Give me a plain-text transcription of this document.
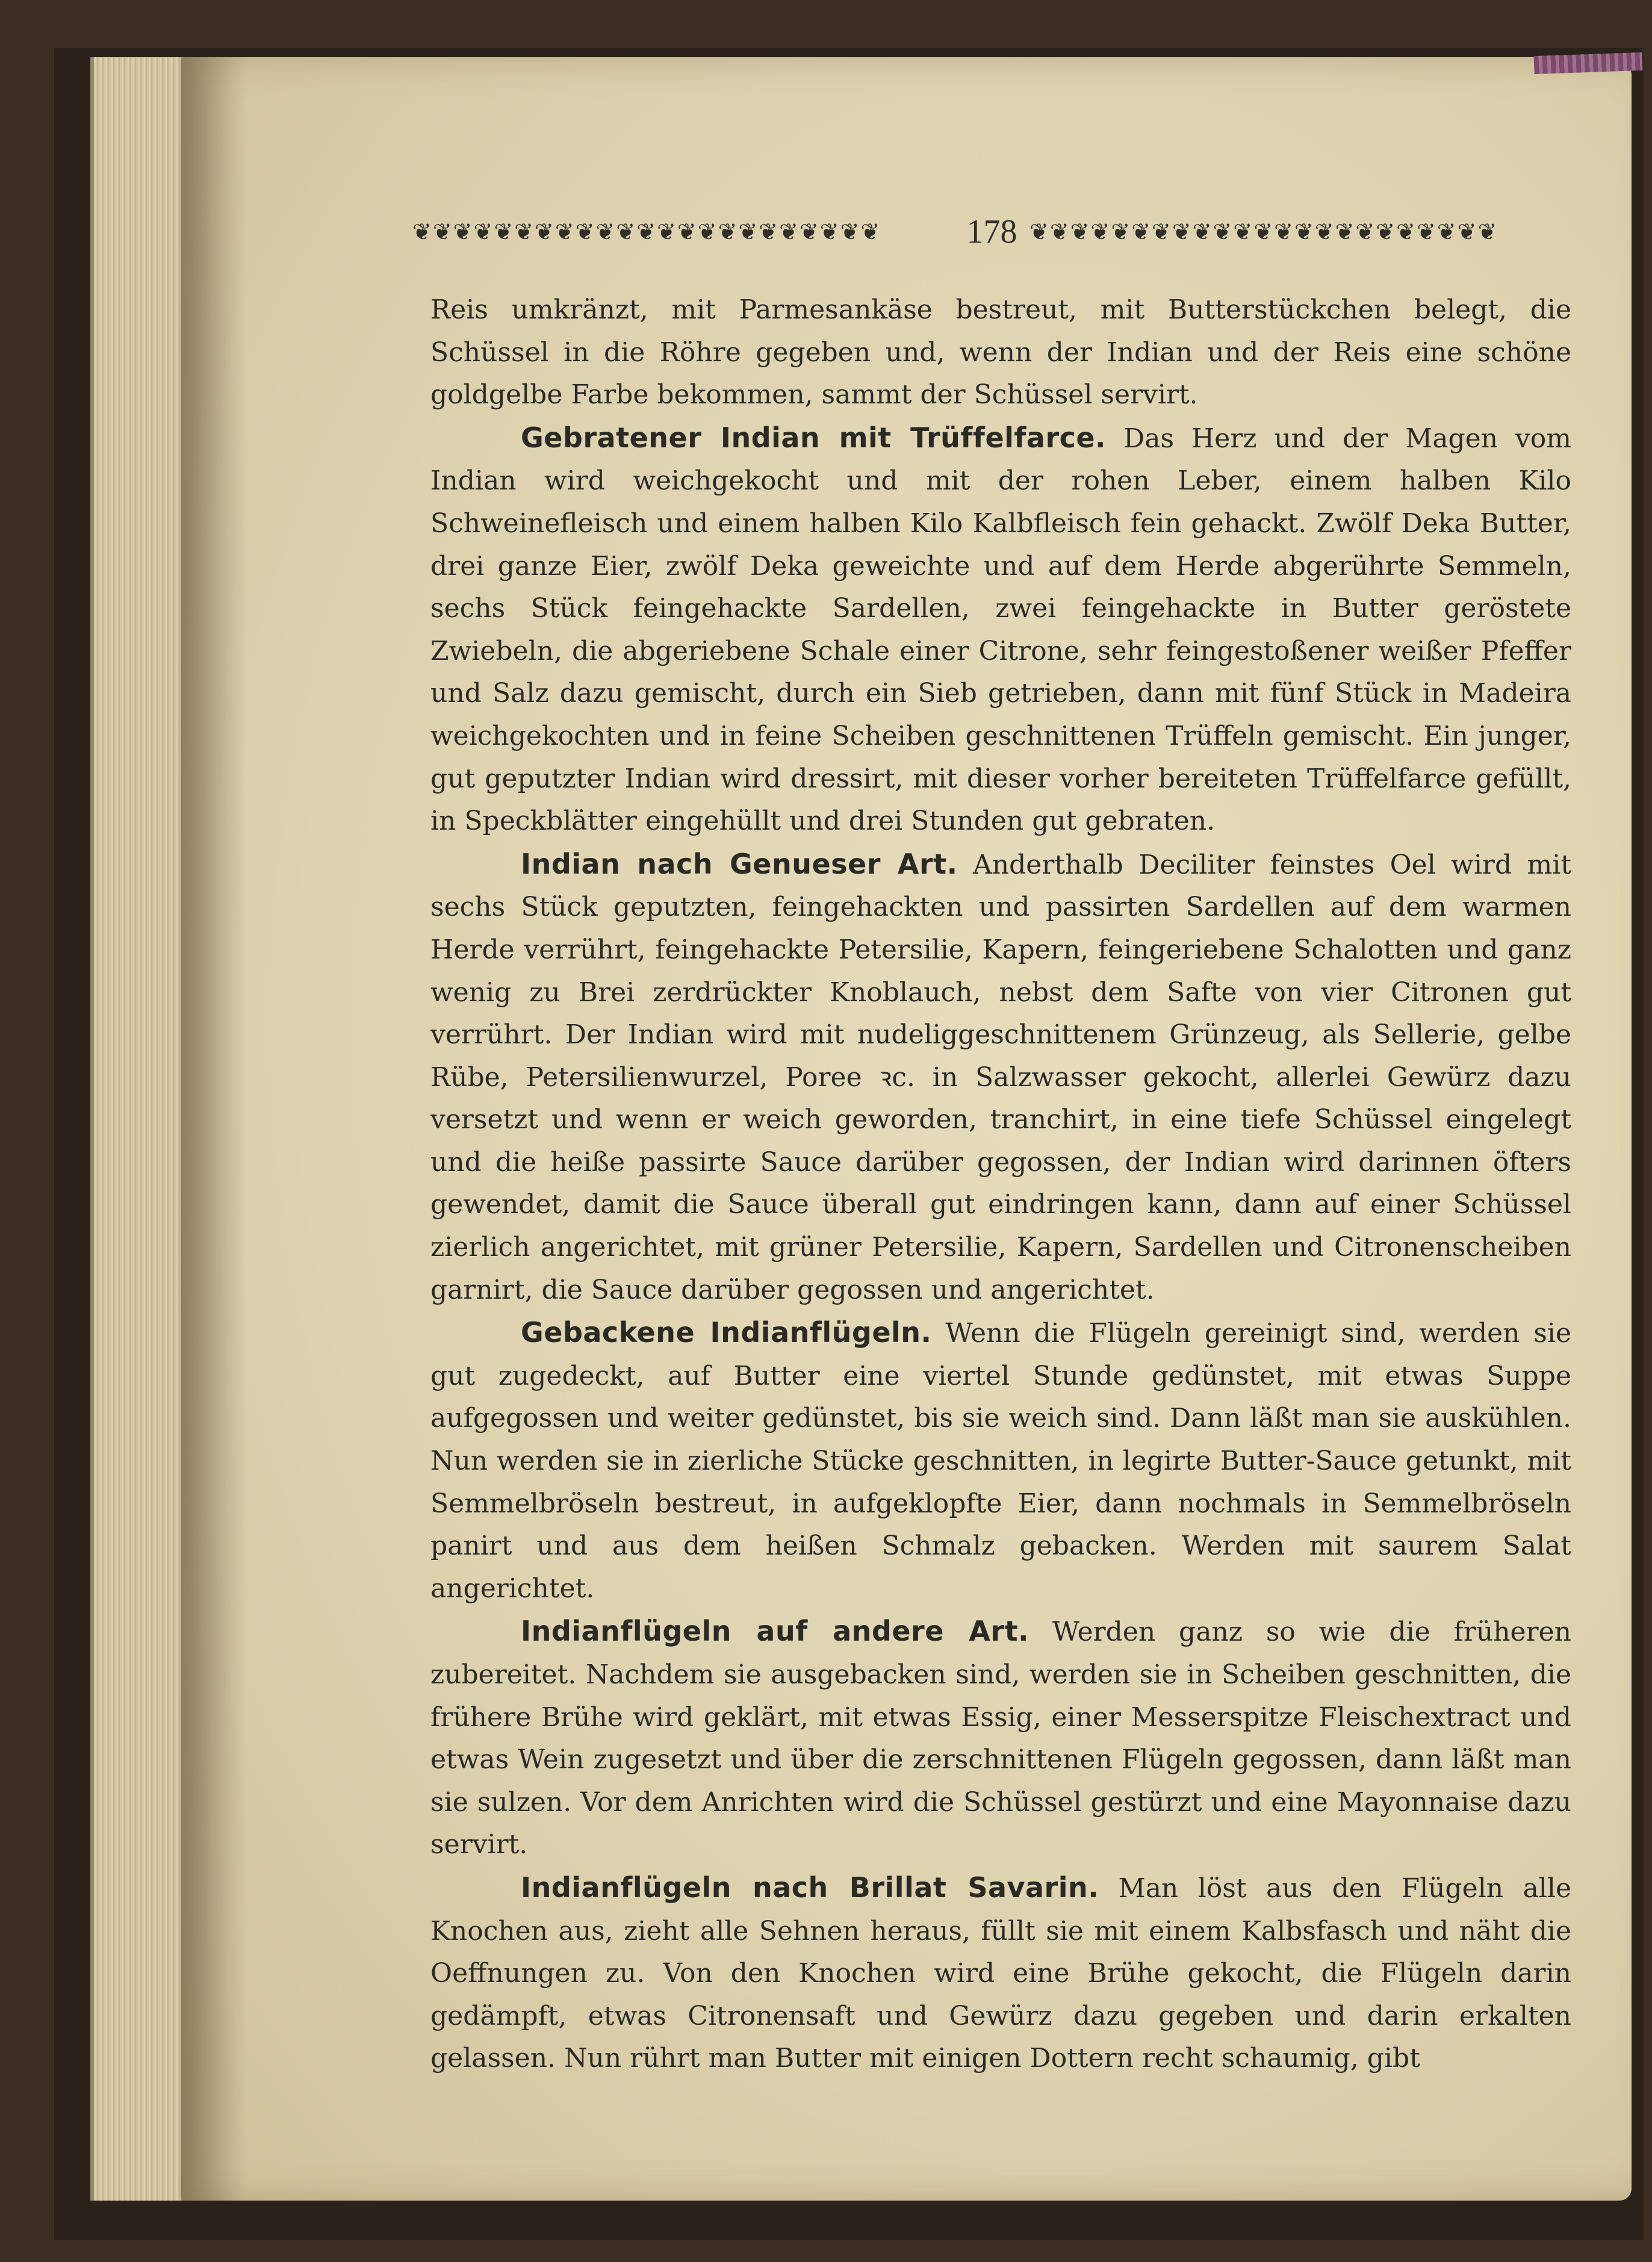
❦❦❦❦❦❦❦❦❦❦❦❦❦❦❦❦❦❦❦❦❦❦❦	178 ❦❦❦❦❦❦❦❦❦❦❦❦❦❦❦❦❦❦❦❦❦❦❦

Reis umkränzt, mit Parmesankäse bestreut, mit Butterstückchen belegt, die Schüssel in die Röhre gegeben und, wenn der Indian und der Reis eine schöne goldgelbe Farbe bekommen, sammt der Schüssel servirt.

Gebratener Indian mit Trüffelfarce. Das Herz und der Magen vom Indian wird weichgekocht und mit der rohen Leber, einem halben Kilo Schweinefleisch und einem halben Kilo Kalbfleisch fein gehackt. Zwölf Deka Butter, drei ganze Eier, zwölf Deka geweichte und auf dem Herde abgerührte Semmeln, sechs Stück feingehackte Sardellen, zwei feingehackte in Butter geröstete Zwiebeln, die abgeriebene Schale einer Citrone, sehr feingestoßener weißer Pfeffer und Salz dazu gemischt, durch ein Sieb getrieben, dann mit fünf Stück in Madeira weichgekochten und in feine Scheiben geschnittenen Trüffeln gemischt. Ein junger, gut geputzter Indian wird dressirt, mit dieser vorher bereiteten Trüffelfarce gefüllt, in Speckblätter eingehüllt und drei Stunden gut gebraten.

Indian nach Genueser Art. Anderthalb Deciliter feinstes Oel wird mit sechs Stück geputzten, feingehackten und passirten Sardellen auf dem warmen Herde verrührt, feingehackte Petersilie, Kapern, feingeriebene Schalotten und ganz wenig zu Brei zerdrückter Knoblauch, nebst dem Safte von vier Citronen gut verrührt. Der Indian wird mit nudeliggeschnittenem Grünzeug, als Sellerie, gelbe Rübe, Petersilienwurzel, Poree ꝛc. in Salzwasser gekocht, allerlei Gewürz dazu versetzt und wenn er weich geworden, tranchirt, in eine tiefe Schüssel eingelegt und die heiße passirte Sauce darüber gegossen, der Indian wird darinnen öfters gewendet, damit die Sauce überall gut eindringen kann, dann auf einer Schüssel zierlich angerichtet, mit grüner Petersilie, Kapern, Sardellen und Citronenscheiben garnirt, die Sauce darüber gegossen und angerichtet.

Gebackene Indianflügeln. Wenn die Flügeln gereinigt sind, werden sie gut zugedeckt, auf Butter eine viertel Stunde gedünstet, mit etwas Suppe aufgegossen und weiter gedünstet, bis sie weich sind. Dann läßt man sie auskühlen. Nun werden sie in zierliche Stücke geschnitten, in legirte Butter-Sauce getunkt, mit Semmelbröseln bestreut, in aufgeklopfte Eier, dann nochmals in Semmelbröseln panirt und aus dem heißen Schmalz gebacken. Werden mit saurem Salat angerichtet.

Indianflügeln auf andere Art. Werden ganz so wie die früheren zubereitet. Nachdem sie ausgebacken sind, werden sie in Scheiben geschnitten, die frühere Brühe wird geklärt, mit etwas Essig, einer Messerspitze Fleischextract und etwas Wein zugesetzt und über die zerschnittenen Flügeln gegossen, dann läßt man sie sulzen. Vor dem Anrichten wird die Schüssel gestürzt und eine Mayonnaise dazu servirt.

Indianflügeln nach Brillat Savarin. Man löst aus den Flügeln alle Knochen aus, zieht alle Sehnen heraus, füllt sie mit einem Kalbsfasch und näht die Oeffnungen zu. Von den Knochen wird eine Brühe gekocht, die Flügeln darin gedämpft, etwas Citronensaft und Gewürz dazu gegeben und darin erkalten gelassen. Nun rührt man Butter mit einigen Dottern recht schaumig, gibt
